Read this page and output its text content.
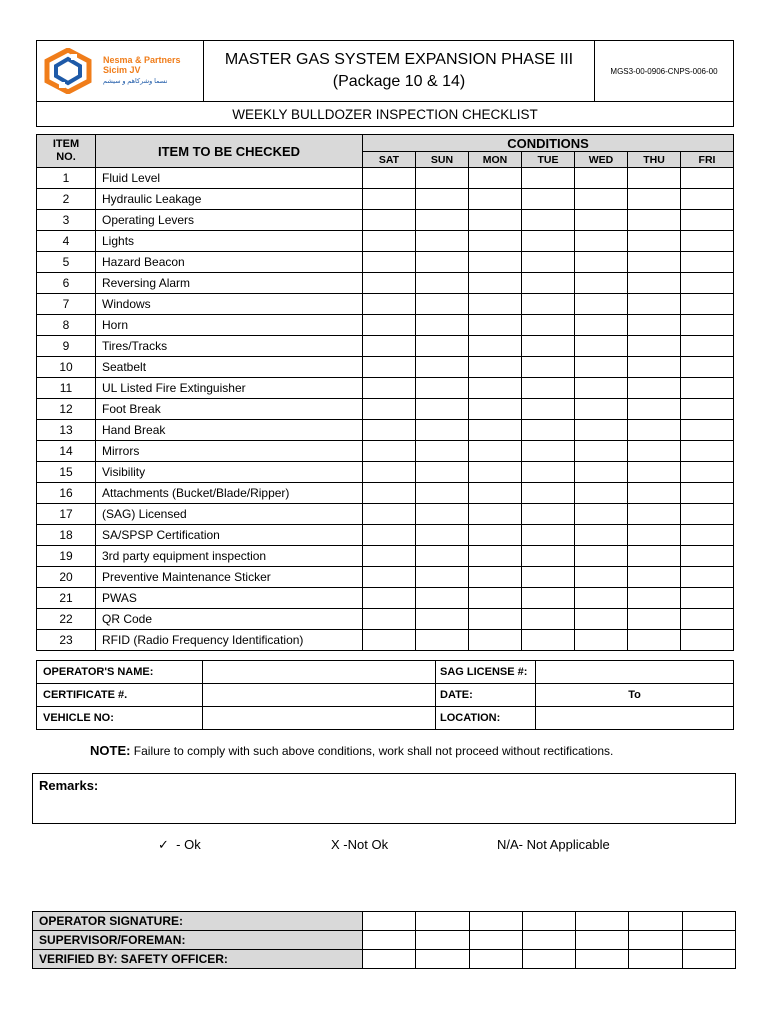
Nesma & Partners
Sicim JV
نسما وشركاهم و سيشم

MASTER GAS SYSTEM EXPANSION PHASE III
(Package 10 & 14)
	MGS3-00-0906-CNPS-006-00
WEEKLY BULLDOZER INSPECTION CHECKLIST
ITEM
NO.	ITEM TO BE CHECKED	CONDITIONS						
		SAT	SUN	MON	TUE	WED	THU	FRI
1	Fluid Level							
2	Hydraulic Leakage							
3	Operating Levers							
4	Lights							
5	Hazard Beacon							
6	Reversing Alarm							
7	Windows							
8	Horn							
9	Tires/Tracks							
10	Seatbelt							
11	UL Listed Fire Extinguisher							
12	Foot Break							
13	Hand Break							
14	Mirrors							
15	Visibility							
16	Attachments (Bucket/Blade/Ripper)							
17	(SAG) Licensed							
18	SA/SPSP Certification							
19	3rd party equipment inspection							
20	Preventive Maintenance Sticker							
21	PWAS							
22	QR Code							
23	RFID (Radio Frequency Identification)							
OPERATOR'S NAME:		SAG LICENSE #:	
CERTIFICATE #.		DATE:	To
VEHICLE NO:		LOCATION:	
NOTE: Failure to comply with such above conditions, work shall not proceed without rectifications.
Remarks:
✓ - Ok	X -Not Ok	N/A- Not Applicable
OPERATOR SIGNATURE:							
SUPERVISOR/FOREMAN:							
VERIFIED BY: SAFETY OFFICER:							
